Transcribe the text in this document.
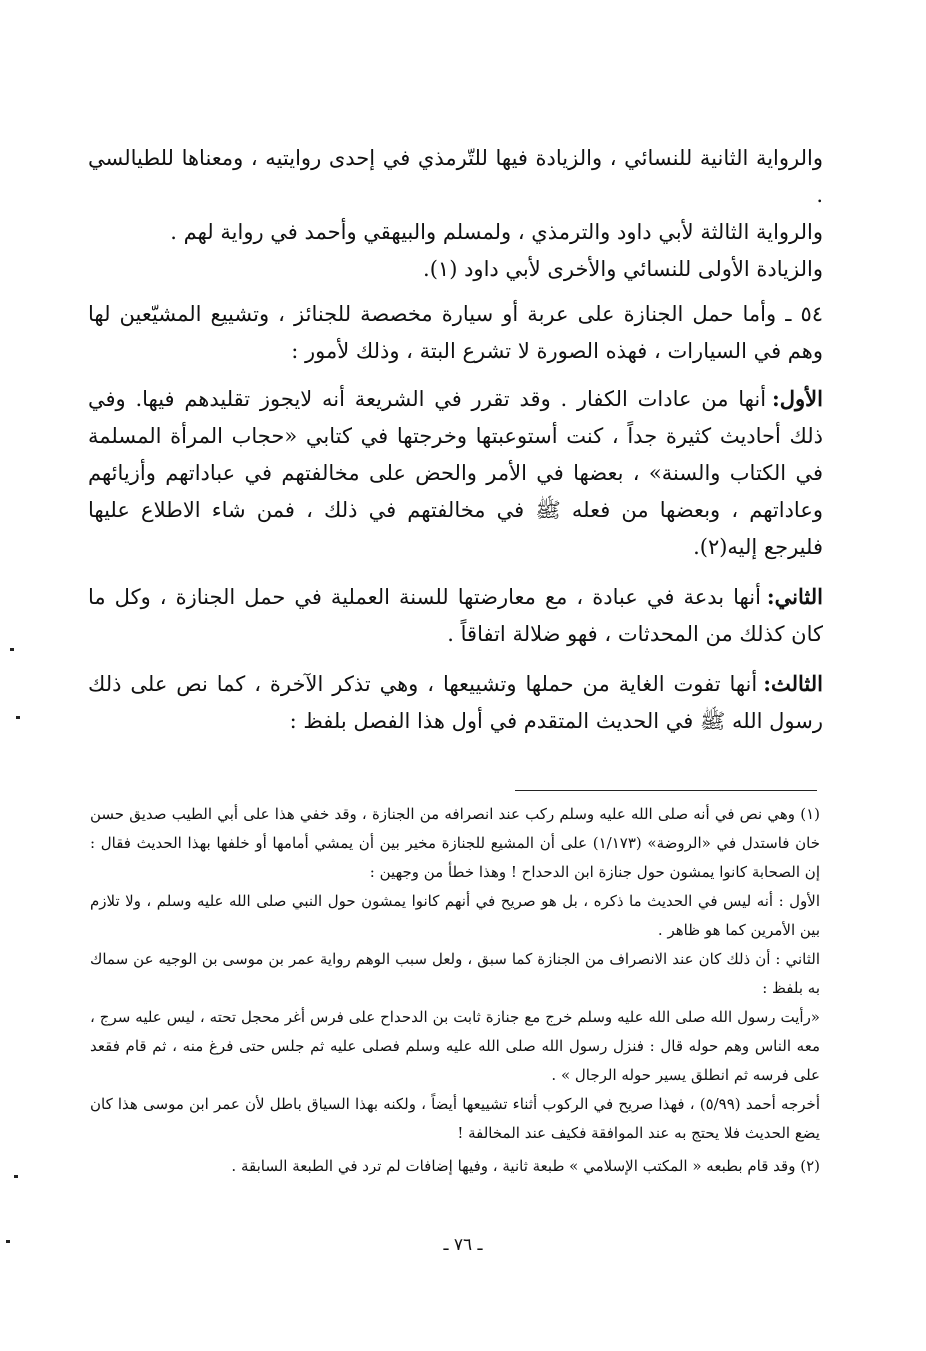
والرواية الثانية للنسائي ، والزيادة فيها للتّرمذي في إحدى روايتيه ، ومعناها للطيالسي .
والرواية الثالثة لأبي داود والترمذي ، ولمسلم والبيهقي وأحمد في رواية لهم .
والزيادة الأولى للنسائي والأخرى لأبي داود (١).

٥٤ ـ وأما حمل الجنازة على عربة أو سيارة مخصصة للجنائز ، وتشييع المشيّعين لها وهم في السيارات ، فهذه الصورة لا تشرع البتة ، وذلك لأمور :

الأول:أنها من عادات الكفار . وقد تقرر في الشريعة أنه لايجوز تقليدهم فيها. وفي ذلك أحاديث كثيرة جداً ، كنت أستوعبتها وخرجتها في كتابي «حجاب المرأة المسلمة في الكتاب والسنة» ، بعضها في الأمر والحض على مخالفتهم في عباداتهم وأزيائهم وعاداتهم ، وبعضها من فعله ﷺ في مخالفتهم في ذلك ، فمن شاء الاطلاع عليها فليرجع إليه(٢).

الثاني:أنها بدعة في عبادة ، مع معارضتها للسنة العملية في حمل الجنازة ، وكل ما كان كذلك من المحدثات ، فهو ضلالة اتفاقاً .

الثالث:أنها تفوت الغاية من حملها وتشييعها ، وهي تذكر الآخرة ، كما نص على ذلك رسول الله ﷺ في الحديث المتقدم في أول هذا الفصل بلفظ :

(١) وهي نص في أنه صلى الله عليه وسلم ركب عند انصرافه من الجنازة ، وقد خفي هذا على أبي الطيب صديق حسن خان فاستدل في «الروضة» (١/١٧٣) على أن المشيع للجنازة مخير بين أن يمشي أمامها أو خلفها بهذا الحديث فقال : إن الصحابة كانوا يمشون حول جنازة ابن الدحداح ! وهذا خطأ من وجهين :

الأول : أنه ليس في الحديث ما ذكره ، بل هو صريح في أنهم كانوا يمشون حول النبي صلى الله عليه وسلم ، ولا تلازم بين الأمرين كما هو ظاهر .

الثاني : أن ذلك كان عند الانصراف من الجنازة كما سبق ، ولعل سبب الوهم رواية عمر بن موسى بن الوجيه عن سماك به بلفظ :

«رأيت رسول الله صلى الله عليه وسلم خرج مع جنازة ثابت بن الدحداح على فرس أغر محجل تحته ، ليس عليه سرج ، معه الناس وهم حوله قال : فنزل رسول الله صلى الله عليه وسلم فصلى عليه ثم جلس حتى فرغ منه ، ثم قام فقعد على فرسه ثم انطلق يسير حوله الرجال » .

أخرجه أحمد (٥/٩٩) ، فهذا صريح في الركوب أثناء تشييعها أيضاً ، ولكنه بهذا السياق باطل لأن عمر ابن موسى هذا كان يضع الحديث فلا يحتج به عند الموافقة فكيف عند المخالفة !

(٢) وقد قام بطبعه « المكتب الإسلامي » طبعة ثانية ، وفيها إضافات لم ترد في الطبعة السابقة .

ـ ٧٦ ـ
